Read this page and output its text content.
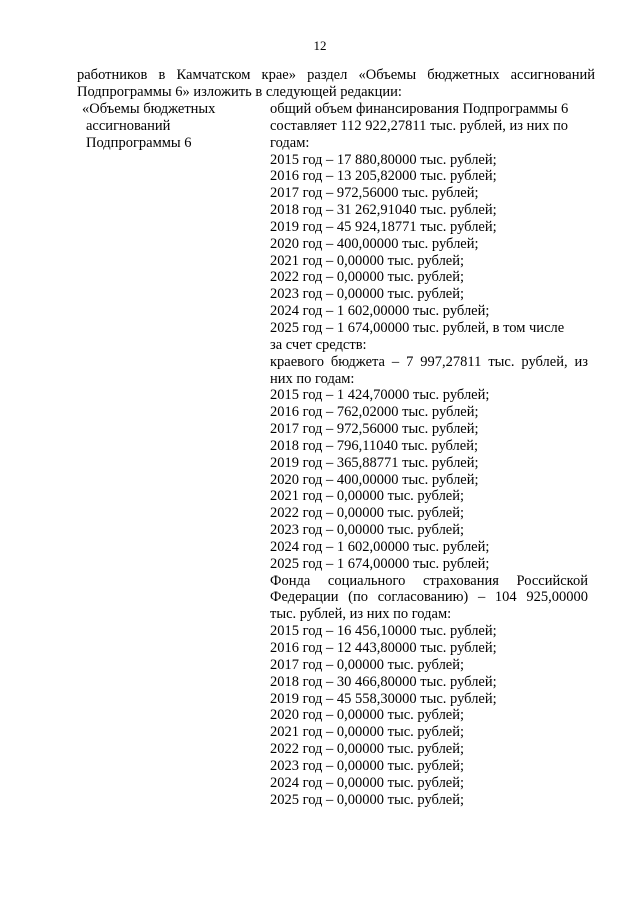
12
работников в Камчатском крае» раздел «Объемы бюджетных ассигнований
Подпрограммы 6» изложить в следующей редакции:
«Объемы бюджетных
ассигнований
Подпрограммы 6
общий объем финансирования Подпрограммы 6
составляет 112 922,27811 тыс. рублей, из них по
годам:
2015 год – 17 880,80000 тыс. рублей;
2016 год – 13 205,82000 тыс. рублей;
2017 год – 972,56000 тыс. рублей;
2018 год – 31 262,91040 тыс. рублей;
2019 год – 45 924,18771 тыс. рублей;
2020 год – 400,00000 тыс. рублей;
2021 год – 0,00000 тыс. рублей;
2022 год – 0,00000 тыс. рублей;
2023 год – 0,00000 тыс. рублей;
2024 год – 1 602,00000 тыс. рублей;
2025 год – 1 674,00000 тыс. рублей, в том числе
за счет средств:
краевого бюджета – 7 997,27811 тыс. рублей, из
них по годам:
2015 год – 1 424,70000 тыс. рублей;
2016 год – 762,02000 тыс. рублей;
2017 год – 972,56000 тыс. рублей;
2018 год – 796,11040 тыс. рублей;
2019 год – 365,88771 тыс. рублей;
2020 год – 400,00000 тыс. рублей;
2021 год – 0,00000 тыс. рублей;
2022 год – 0,00000 тыс. рублей;
2023 год – 0,00000 тыс. рублей;
2024 год – 1 602,00000 тыс. рублей;
2025 год – 1 674,00000 тыс. рублей;
Фонда социального страхования Российской
Федерации (по согласованию) – 104 925,00000
тыс. рублей, из них по годам:
2015 год – 16 456,10000 тыс. рублей;
2016 год – 12 443,80000 тыс. рублей;
2017 год – 0,00000 тыс. рублей;
2018 год – 30 466,80000 тыс. рублей;
2019 год – 45 558,30000 тыс. рублей;
2020 год – 0,00000 тыс. рублей;
2021 год – 0,00000 тыс. рублей;
2022 год – 0,00000 тыс. рублей;
2023 год – 0,00000 тыс. рублей;
2024 год – 0,00000 тыс. рублей;
2025 год – 0,00000 тыс. рублей;
